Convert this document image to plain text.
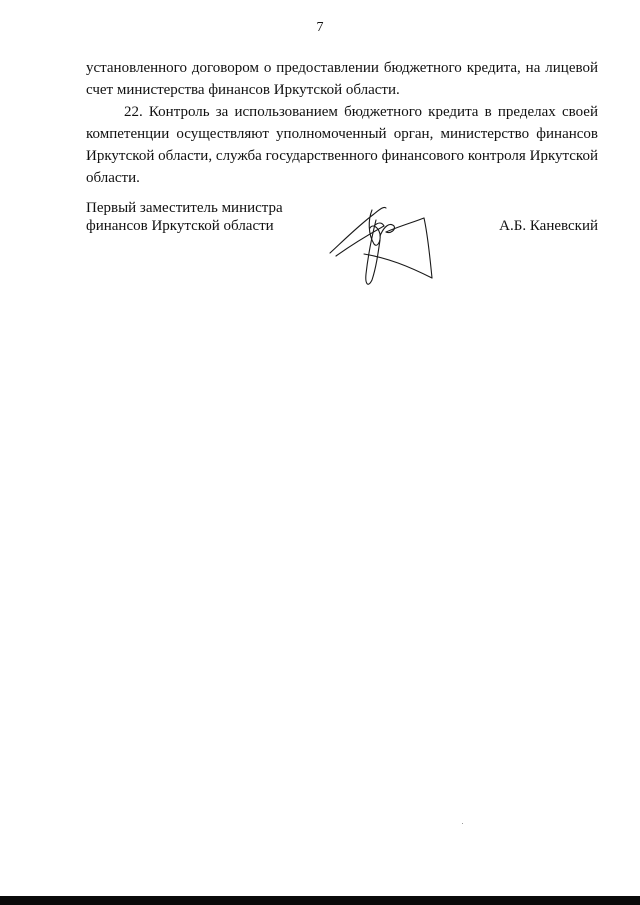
7

установленного договором о предоставлении бюджетного кредита, на лицевой счет министерства финансов Иркутской области.

22. Контроль за использованием бюджетного кредита в пределах своей компетенции осуществляют уполномоченный орган, министерство финансов Иркутской области, служба государственного финансового контроля Иркутской области.

Первый заместитель министра
финансов Иркутской области	А.Б. Каневский
